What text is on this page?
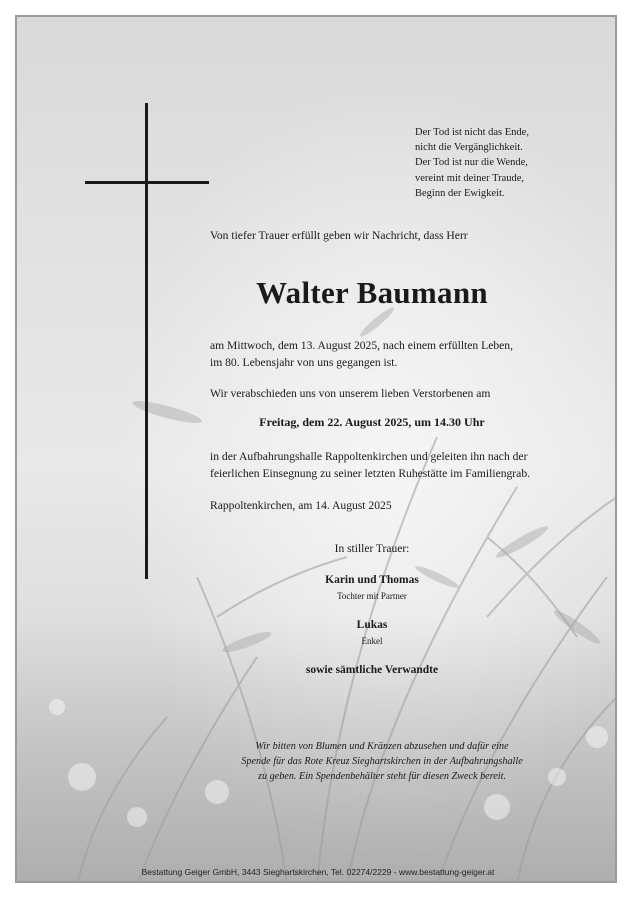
Der Tod ist nicht das Ende,
nicht die Vergänglichkeit.
Der Tod ist nur die Wende,
vereint mit deiner Traude,
Beginn der Ewigkeit.
Von tiefer Trauer erfüllt geben wir Nachricht, dass Herr
Walter Baumann
am Mittwoch, dem 13. August 2025, nach einem erfüllten Leben,
im 80. Lebensjahr von uns gegangen ist.
Wir verabschieden uns von unserem lieben Verstorbenen am
Freitag, dem 22. August 2025, um 14.30 Uhr
in der Aufbahrungshalle Rappoltenkirchen und geleiten ihn nach der
feierlichen Einsegnung zu seiner letzten Ruhestätte im Familiengrab.
Rappoltenkirchen, am 14. August 2025
In stiller Trauer:
Karin und Thomas
Tochter mit Partner
Lukas
Enkel
sowie sämtliche Verwandte
Wir bitten von Blumen und Kränzen abzusehen und dafür eine
Spende für das Rote Kreuz Sieghartskirchen in der Aufbahrungshalle
zu geben. Ein Spendenbehälter steht für diesen Zweck bereit.
Bestattung Geiger GmbH, 3443 Sieghartskirchen, Tel. 02274/2229 - www.bestattung-geiger.at
